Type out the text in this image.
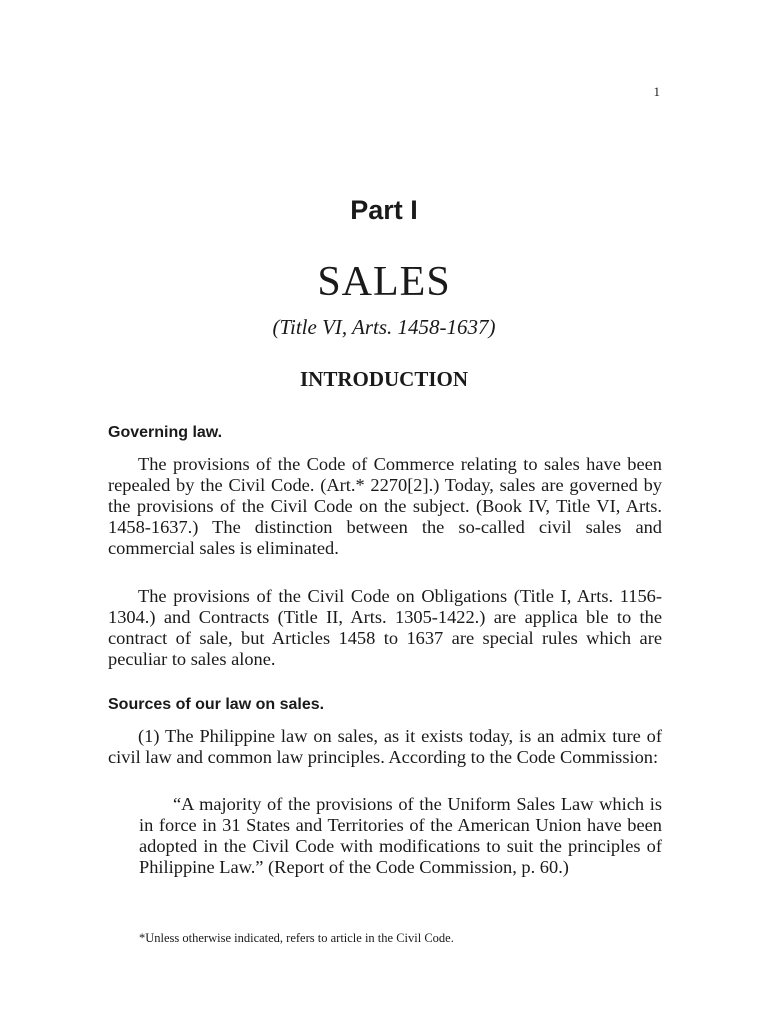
1
Part I
SALES
(Title VI, Arts. 1458-1637)
INTRODUCTION
Governing law.

The provisions of the Code of Commerce relating to sales have been repealed by the Civil Code. (Art.* 2270[2].) Today, sales are governed by the provisions of the Civil Code on the subject. (Book IV, Title VI, Arts. 1458-1637.) The distinction between the so-called civil sales and commercial sales is eliminated.

The provisions of the Civil Code on Obligations (Title I, Arts. 1156-1304.) and Contracts (Title II, Arts. 1305-1422.) are applica ble to the contract of sale, but Articles 1458 to 1637 are special rules which are peculiar to sales alone.

Sources of our law on sales.

(1) The Philippine law on sales, as it exists today, is an admix ture of civil law and common law principles. According to the Code Commission:

“A majority of the provisions of the Uniform Sales Law which is in force in 31 States and Territories of the American Union have been adopted in the Civil Code with modifications to suit the principles of Philippine Law.” (Report of the Code Commission, p. 60.)

*Unless otherwise indicated, refers to article in the Civil Code.
